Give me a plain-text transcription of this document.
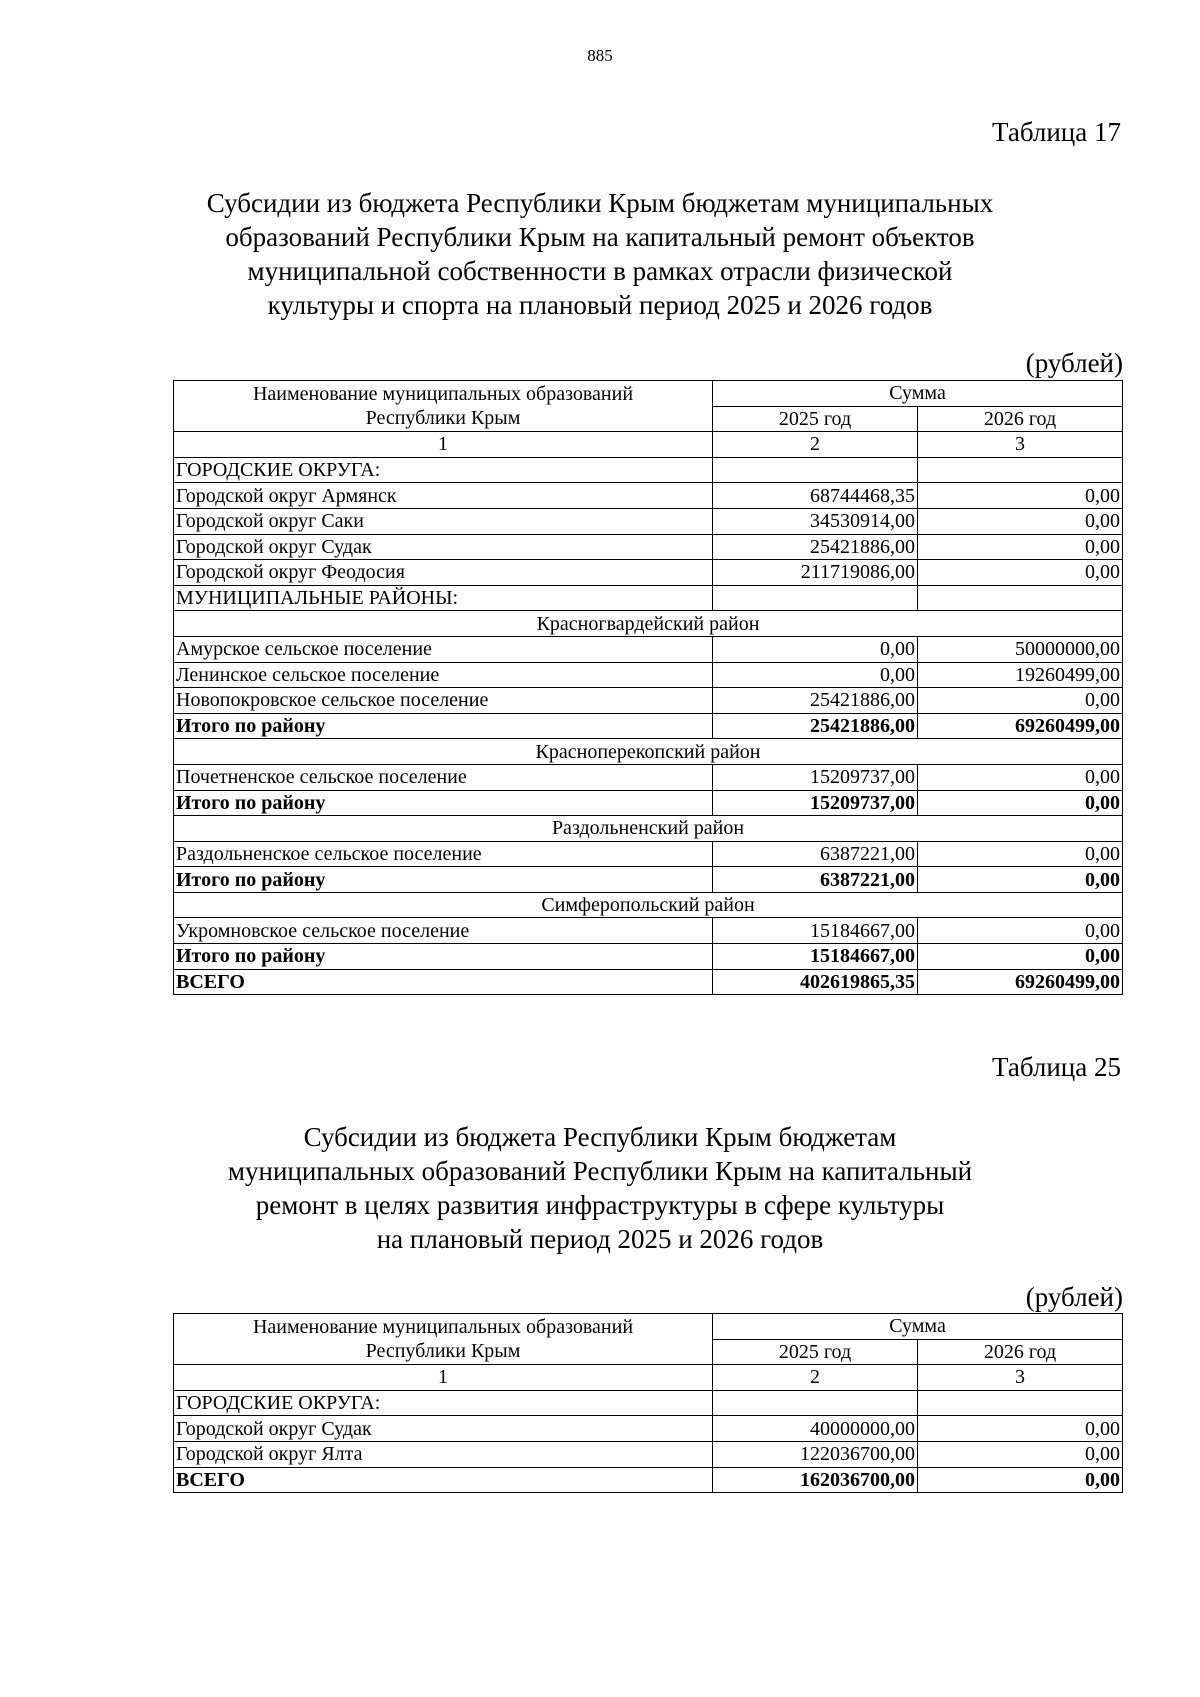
885
Таблица 17
Субсидии из бюджета Республики Крым бюджетам муниципальных
образований Республики Крым на капитальный ремонт объектов
муниципальной собственности в рамках отрасли физической
культуры и спорта на плановый период 2025 и 2026 годов
(рублей)
Наименование муниципальных образований
Республики Крым	Сумма	
	2025 год	2026 год
1	2	3
ГОРОДСКИЕ ОКРУГА:		
Городской округ Армянск	68744468,35	0,00
Городской округ Саки	34530914,00	0,00
Городской округ Судак	25421886,00	0,00
Городской округ Феодосия	211719086,00	0,00
МУНИЦИПАЛЬНЫЕ РАЙОНЫ:		
Красногвардейский район		
Амурское сельское поселение	0,00	50000000,00
Ленинское сельское поселение	0,00	19260499,00
Новопокровское сельское поселение	25421886,00	0,00
Итого по району	25421886,00	69260499,00
Красноперекопский район		
Почетненское сельское поселение	15209737,00	0,00
Итого по району	15209737,00	0,00
Раздольненский район		
Раздольненское сельское поселение	6387221,00	0,00
Итого по району	6387221,00	0,00
Симферопольский район		
Укромновское сельское поселение	15184667,00	0,00
Итого по району	15184667,00	0,00
ВСЕГО	402619865,35	69260499,00
Таблица 25
Субсидии из бюджета Республики Крым бюджетам
муниципальных образований Республики Крым на капитальный
ремонт в целях развития инфраструктуры в сфере культуры
на плановый период 2025 и 2026 годов
(рублей)
Наименование муниципальных образований
Республики Крым	Сумма	
	2025 год	2026 год
1	2	3
ГОРОДСКИЕ ОКРУГА:		
Городской округ Судак	40000000,00	0,00
Городской округ Ялта	122036700,00	0,00
ВСЕГО	162036700,00	0,00
